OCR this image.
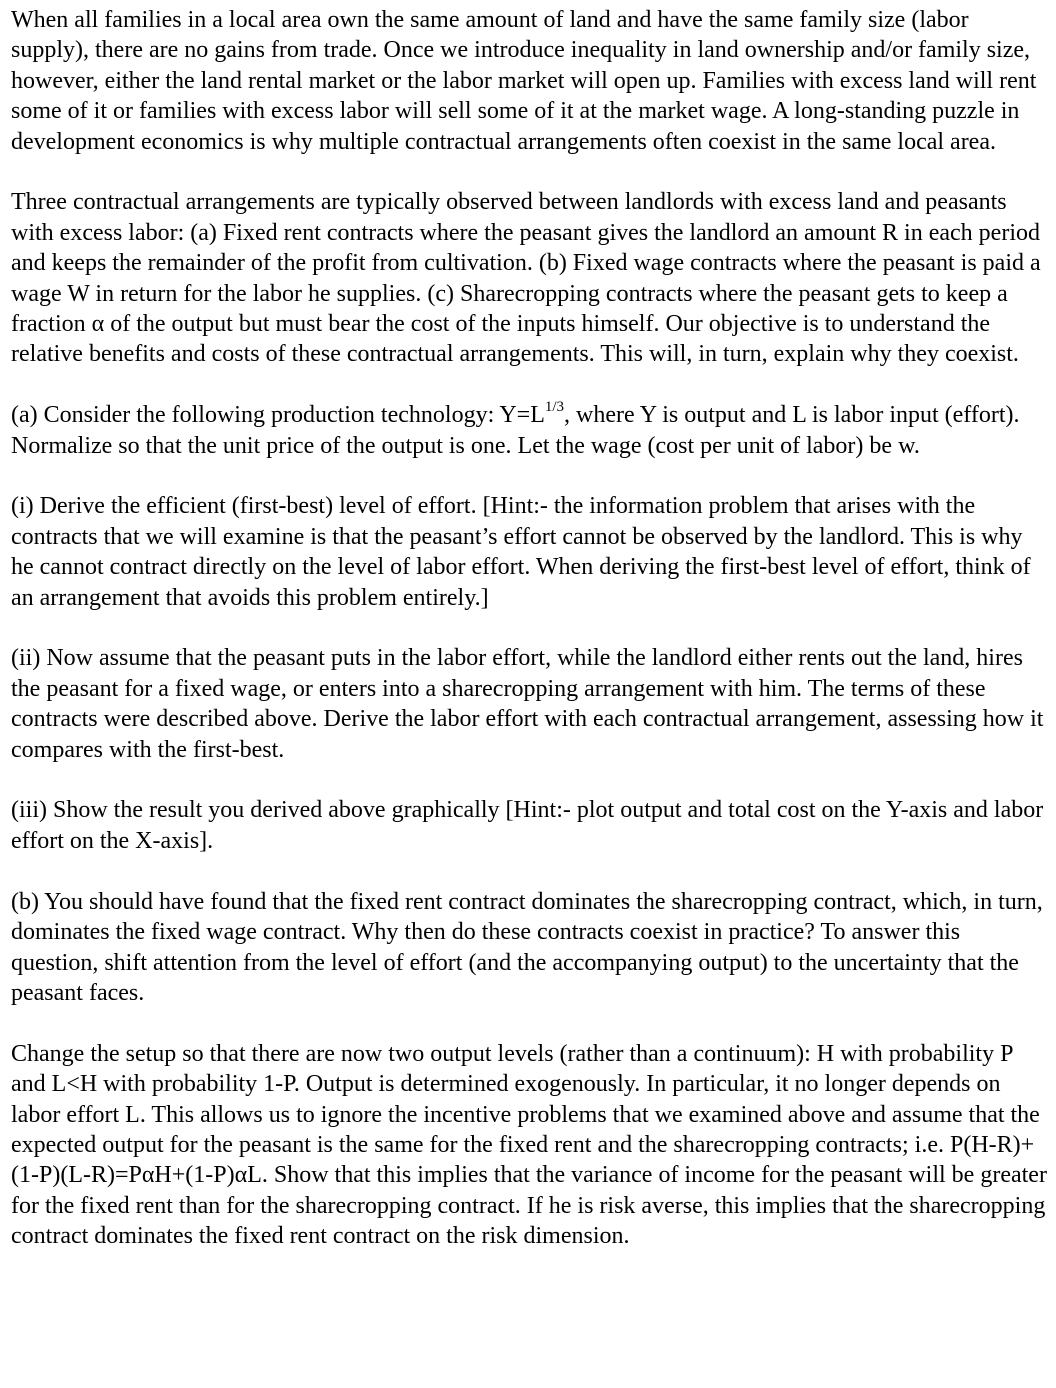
When all families in a local area own the same amount of land and have the same family size (labor supply), there are no gains from trade. Once we introduce inequality in land ownership and/or family size, however, either the land rental market or the labor market will open up. Families with excess land will rent some of it or families with excess labor will sell some of it at the market wage. A long-standing puzzle in development economics is why multiple contractual arrangements often coexist in the same local area.

Three contractual arrangements are typically observed between landlords with excess land and peasants with excess labor: (a) Fixed rent contracts where the peasant gives the landlord an amount R in each period and keeps the remainder of the profit from cultivation. (b) Fixed wage contracts where the peasant is paid a wage W in return for the labor he supplies. (c) Sharecropping contracts where the peasant gets to keep a fraction α of the output but must bear the cost of the inputs himself. Our objective is to understand the relative benefits and costs of these contractual arrangements. This will, in turn, explain why they coexist.

(a) Consider the following production technology: $Y=L^{1/3}$, where Y is output and L is labor input (effort). Normalize so that the unit price of the output is one. Let the wage (cost per unit of labor) be w.

(i) Derive the efficient (first-best) level of effort. [Hint:- the information problem that arises with the contracts that we will examine is that the peasant’s effort cannot be observed by the landlord. This is why he cannot contract directly on the level of labor effort. When deriving the first-best level of effort, think of an arrangement that avoids this problem entirely.]

(ii) Now assume that the peasant puts in the labor effort, while the landlord either rents out the land, hires the peasant for a fixed wage, or enters into a sharecropping arrangement with him. The terms of these contracts were described above. Derive the labor effort with each contractual arrangement, assessing how it compares with the first-best.

(iii) Show the result you derived above graphically [Hint:- plot output and total cost on the Y-axis and labor effort on the X-axis].

(b) You should have found that the fixed rent contract dominates the sharecropping contract, which, in turn, dominates the fixed wage contract. Why then do these contracts coexist in practice? To answer this question, shift attention from the level of effort (and the accompanying output) to the uncertainty that the peasant faces.

Change the setup so that there are now two output levels (rather than a continuum): H with probability P and L<H with probability 1-P. Output is determined exogenously. In particular, it no longer depends on labor effort L. This allows us to ignore the incentive problems that we examined above and assume that the expected output for the peasant is the same for the fixed rent and the sharecropping contracts; i.e. P(H-R)+(1-P)(L-R)=PαH+(1-P)αL. Show that this implies that the variance of income for the peasant will be greater for the fixed rent than for the sharecropping contract. If he is risk averse, this implies that the sharecropping contract dominates the fixed rent contract on the risk dimension.
